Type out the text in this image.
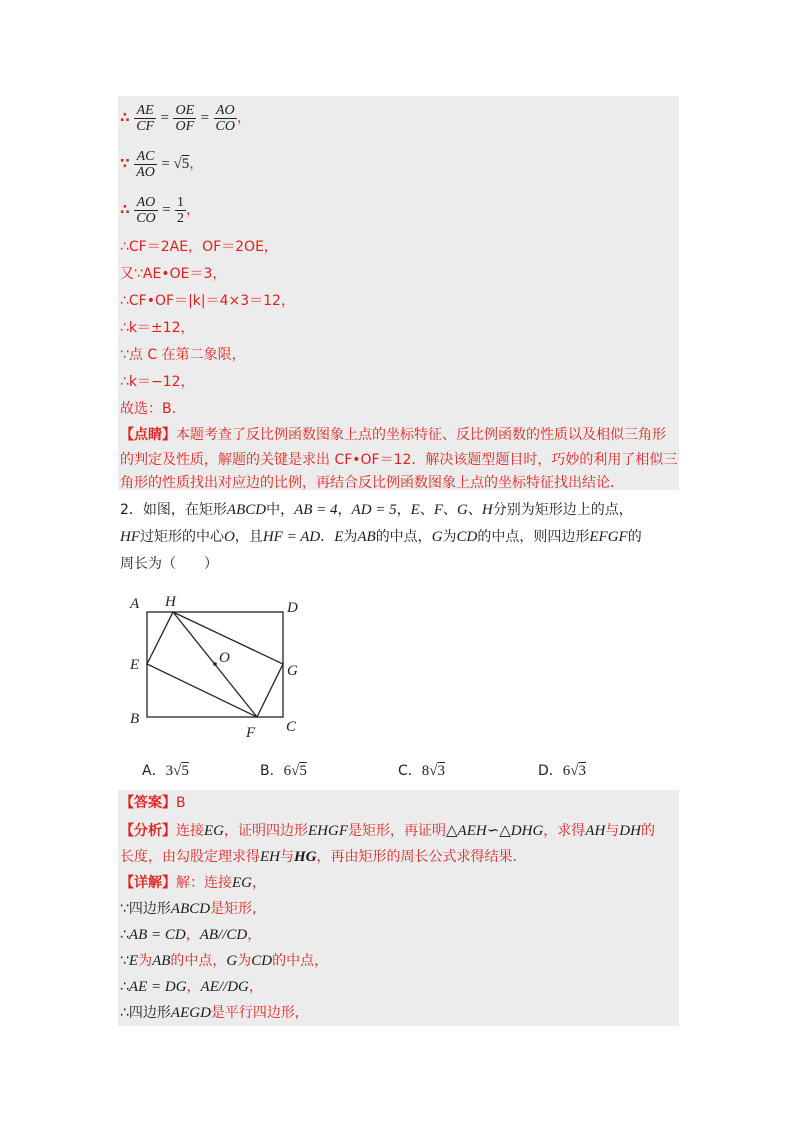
∴ $\frac{AE}{CF} = \frac{OE}{OF} = \frac{AO}{CO}$ ，
∵ $\frac{AC}{AO} = √5$，
∴ $\frac{AO}{CO} = \frac{1}{2}$ ，
∴CF＝2AE，OF＝2OE，
又∵AE•OE＝3，
∴CF•OF＝|k|＝4×3＝12，
∴k＝±12，
∵点 C 在第二象限，
∴k＝−12，
故选：B.
【点睛】本题考查了反比例函数图象上点的坐标特征、反比例函数的性质以及相似三角形
的判定及性质，解题的关键是求出 CF•OF＝12．解决该题型题目时，巧妙的利用了相似三
角形的性质找出对应边的比例，再结合反比例函数图象上点的坐标特征找出结论．
2．如图，在矩形ABCD中，AB = 4，AD = 5，E、F、G、H分别为矩形边上的点，
HF过矩形的中心O，且HF = AD．E为AB的中点，G为CD的中点，则四边形EFGF的
周长为（　　）
A H	D
O
E	G
B
F C
A．3√5	B．6√5	C．8√3	D．6√3
【答案】B
【分析】连接EG，证明四边形EHGF是矩形，再证明△AEH∽△DHG，求得AH与DH的
长度，由勾股定理求得EH与HG，再由矩形的周长公式求得结果.
【详解】解：连接EG，
∵四边形ABCD是矩形,
∴AB = CD，AB//CD，
∵E为AB的中点，G为CD的中点，
∴AE = DG，AE//DG，
∴四边形AEGD是平行四边形,
